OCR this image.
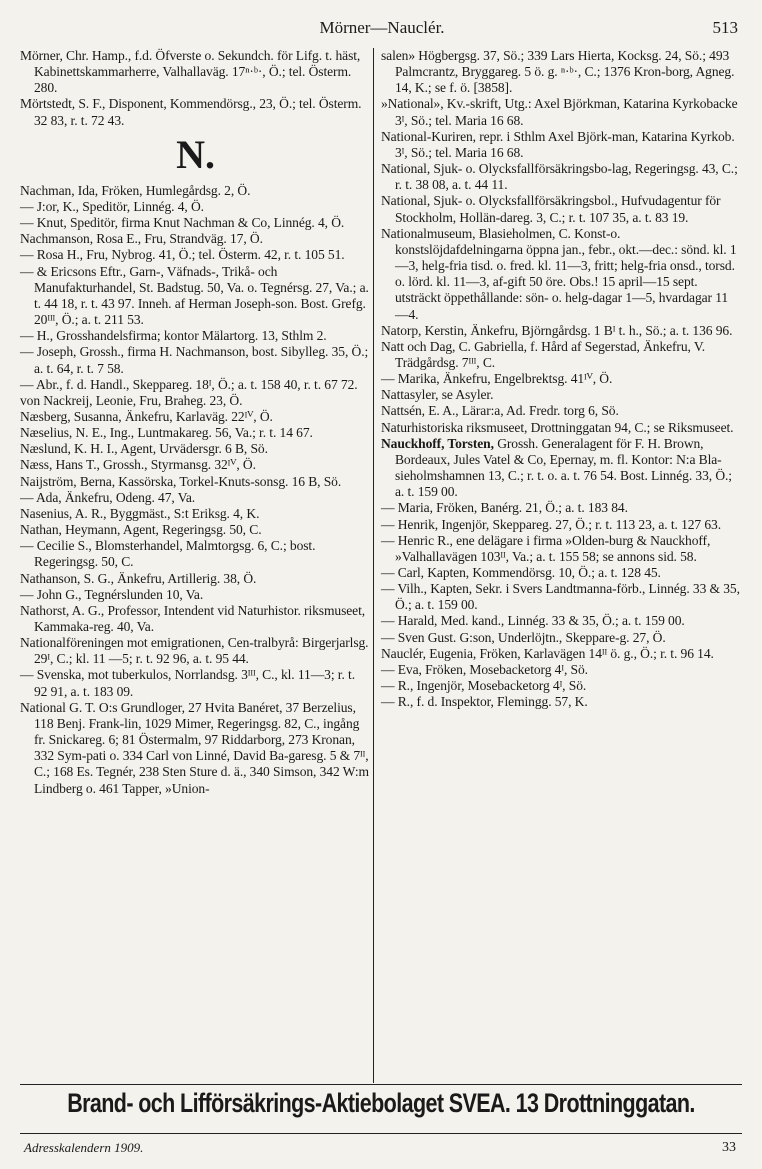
Mörner—Nauclér.	513
Mörner, Chr. Hamp., f.d. Öfverste o. Sekundch. för Lifg. t. häst, Kabinettskammarherre, Valhallaväg. 17ⁿ·ᵇ·, Ö.; tel. Österm. 280.
Mörtstedt, S. F., Disponent, Kommendörsg., 23, Ö.; tel. Österm. 32 83, r. t. 72 43.
N.
Nachman, Ida, Fröken, Humlegårdsg. 2, Ö.
— J:or, K., Speditör, Linnég. 4, Ö.
— Knut, Speditör, firma Knut Nachman & Co, Linnég. 4, Ö.
Nachmanson, Rosa E., Fru, Strandväg. 17, Ö.
— Rosa H., Fru, Nybrog. 41, Ö.; tel. Österm. 42, r. t. 105 51.
— & Ericsons Eftr., Garn-, Väfnads-, Trikå- och Manufakturhandel, St. Badstug. 50, Va. o. Tegnérsg. 27, Va.; a. t. 44 18, r. t. 43 97. Inneh. af Herman Joseph-son. Bost. Grefg. 20ᴵᴵᴵ, Ö.; a. t. 211 53.
— H., Grosshandelsfirma; kontor Mälartorg. 13, Sthlm 2.
— Joseph, Grossh., firma H. Nachmanson, bost. Sibylleg. 35, Ö.; a. t. 64, r. t. 7 58.
— Abr., f. d. Handl., Skeppareg. 18ᴵ, Ö.; a. t. 158 40, r. t. 67 72.
von Nackreij, Leonie, Fru, Braheg. 23, Ö.
Næsberg, Susanna, Änkefru, Karlaväg. 22ᴵⱽ, Ö.
Næselius, N. E., Ing., Luntmakareg. 56, Va.; r. t. 14 67.
Næslund, K. H. I., Agent, Urvädersgr. 6 B, Sö.
Næss, Hans T., Grossh., Styrmansg. 32ᴵⱽ, Ö.
Naijström, Berna, Kassörska, Torkel-Knuts-sonsg. 16 B, Sö.
— Ada, Änkefru, Odeng. 47, Va.
Nasenius, A. R., Byggmäst., S:t Eriksg. 4, K.
Nathan, Heymann, Agent, Regeringsg. 50, C.
— Cecilie S., Blomsterhandel, Malmtorgsg. 6, C.; bost. Regeringsg. 50, C.
Nathanson, S. G., Änkefru, Artillerig. 38, Ö.
— John G., Tegnérslunden 10, Va.
Nathorst, A. G., Professor, Intendent vid Naturhistor. riksmuseet, Kammaka-reg. 40, Va.
Nationalföreningen mot emigrationen, Cen-tralbyrå: Birgerjarlsg. 29ᴵ, C.; kl. 11 —5; r. t. 92 96, a. t. 95 44.
— Svenska, mot tuberkulos, Norrlandsg. 3ᴵᴵᴵ, C., kl. 11—3; r. t. 92 91, a. t. 183 09.
National G. T. O:s Grundloger, 27 Hvita Banéret, 37 Berzelius, 118 Benj. Frank-lin, 1029 Mimer, Regeringsg. 82, C., ingång fr. Snickareg. 6; 81 Östermalm, 97 Riddarborg, 273 Kronan, 332 Sym-pati o. 334 Carl von Linné, David Ba-garesg. 5 & 7ᴵᴵ, C.; 168 Es. Tegnér, 238 Sten Sture d. ä., 340 Simson, 342 W:m Lindberg o. 461 Tapper, »Union-
salen» Högbergsg. 37, Sö.; 339 Lars Hierta, Kocksg. 24, Sö.; 493 Palmcrantz, Bryggareg. 5 ö. g. ⁿ·ᵇ·, C.; 1376 Kron-borg, Agneg. 14, K.; se f. ö. [3858].
»National», Kv.-skrift, Utg.: Axel Björkman, Katarina Kyrkobacke 3ᴵ, Sö.; tel. Maria 16 68.
National-Kuriren, repr. i Sthlm Axel Björk-man, Katarina Kyrkob. 3ᴵ, Sö.; tel. Maria 16 68.
National, Sjuk- o. Olycksfallförsäkringsbo-lag, Regeringsg. 43, C.; r. t. 38 08, a. t. 44 11.
National, Sjuk- o. Olycksfallförsäkringsbol., Hufvudagentur för Stockholm, Hollän-dareg. 3, C.; r. t. 107 35, a. t. 83 19.
Nationalmuseum, Blasieholmen, C. Konst-o. konstslöjdafdelningarna öppna jan., febr., okt.—dec.: sönd. kl. 1—3, helg-fria tisd. o. fred. kl. 11—3, fritt; helg-fria onsd., torsd. o. lörd. kl. 11—3, af-gift 50 öre. Obs.! 15 april—15 sept. utsträckt öppethållande: sön- o. helg-dagar 1—5, hvardagar 11—4.
Natorp, Kerstin, Änkefru, Björngårdsg. 1 Bᴵ t. h., Sö.; a. t. 136 96.
Natt och Dag, C. Gabriella, f. Hård af Segerstad, Änkefru, V. Trädgårdsg. 7ᴵᴵᴵ, C.
— Marika, Änkefru, Engelbrektsg. 41ᴵⱽ, Ö.
Nattasyler, se Asyler.
Nattsén, E. A., Lärar:a, Ad. Fredr. torg 6, Sö.
Naturhistoriska riksmuseet, Drottninggatan 94, C.; se Riksmuseet.
Nauckhoff, Torsten, Grossh. Generalagent för F. H. Brown, Bordeaux, Jules Vatel & Co, Epernay, m. fl. Kontor: N:a Bla-sieholmshamnen 13, C.; r. t. o. a. t. 76 54. Bost. Linnég. 33, Ö.; a. t. 159 00.
— Maria, Fröken, Banérg. 21, Ö.; a. t. 183 84.
— Henrik, Ingenjör, Skeppareg. 27, Ö.; r. t. 113 23, a. t. 127 63.
— Henric R., ene delägare i firma »Olden-burg & Nauckhoff, »Valhallavägen 103ᴵᴵ, Va.; a. t. 155 58; se annons sid. 58.
— Carl, Kapten, Kommendörsg. 10, Ö.; a. t. 128 45.
— Vilh., Kapten, Sekr. i Svers Landtmanna-förb., Linnég. 33 & 35, Ö.; a. t. 159 00.
— Harald, Med. kand., Linnég. 33 & 35, Ö.; a. t. 159 00.
— Sven Gust. G:son, Underlöjtn., Skeppare-g. 27, Ö.
Nauclér, Eugenia, Fröken, Karlavägen 14ᴵᴵ ö. g., Ö.; r. t. 96 14.
— Eva, Fröken, Mosebacketorg 4ᴵ, Sö.
— R., Ingenjör, Mosebacketorg 4ᴵ, Sö.
— R., f. d. Inspektor, Flemingg. 57, K.
Brand- och Lifförsäkrings-Aktiebolaget SVEA. 13 Drottninggatan.
Adresskalendern 1909.	33
